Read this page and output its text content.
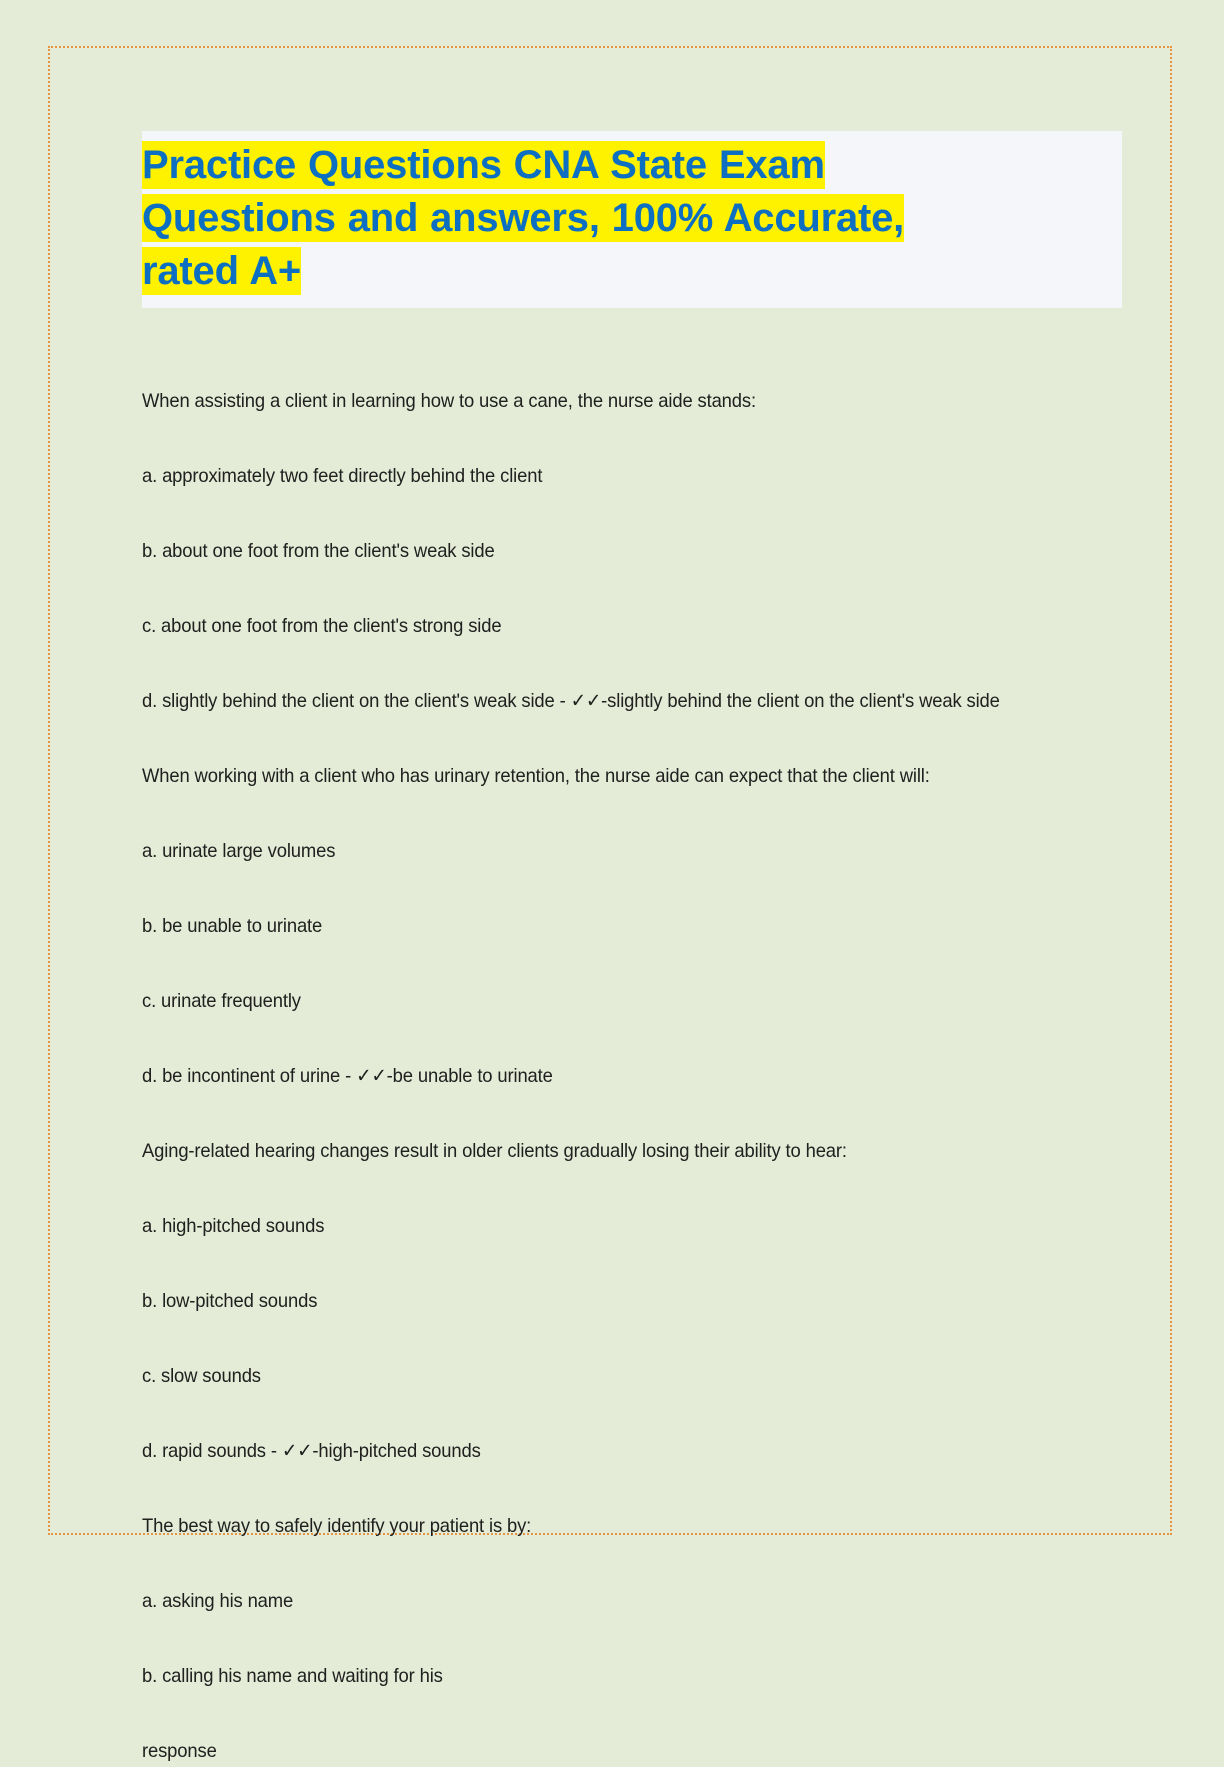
Practice Questions CNA State Exam
Questions and answers, 100% Accurate,
rated A+

When assisting a client in learning how to use a cane, the nurse aide stands:

a. approximately two feet directly behind the client

b. about one foot from the client's weak side

c. about one foot from the client's strong side

d. slightly behind the client on the client's weak side - ✓✓-slightly behind the client on the client's weak side

When working with a client who has urinary retention, the nurse aide can expect that the client will:

a. urinate large volumes

b. be unable to urinate

c. urinate frequently

d. be incontinent of urine - ✓✓-be unable to urinate

Aging-related hearing changes result in older clients gradually losing their ability to hear:

a. high-pitched sounds

b. low-pitched sounds

c. slow sounds

d. rapid sounds - ✓✓-high-pitched sounds

The best way to safely identify your patient is by:

a. asking his name

b. calling his name and waiting for his

response
